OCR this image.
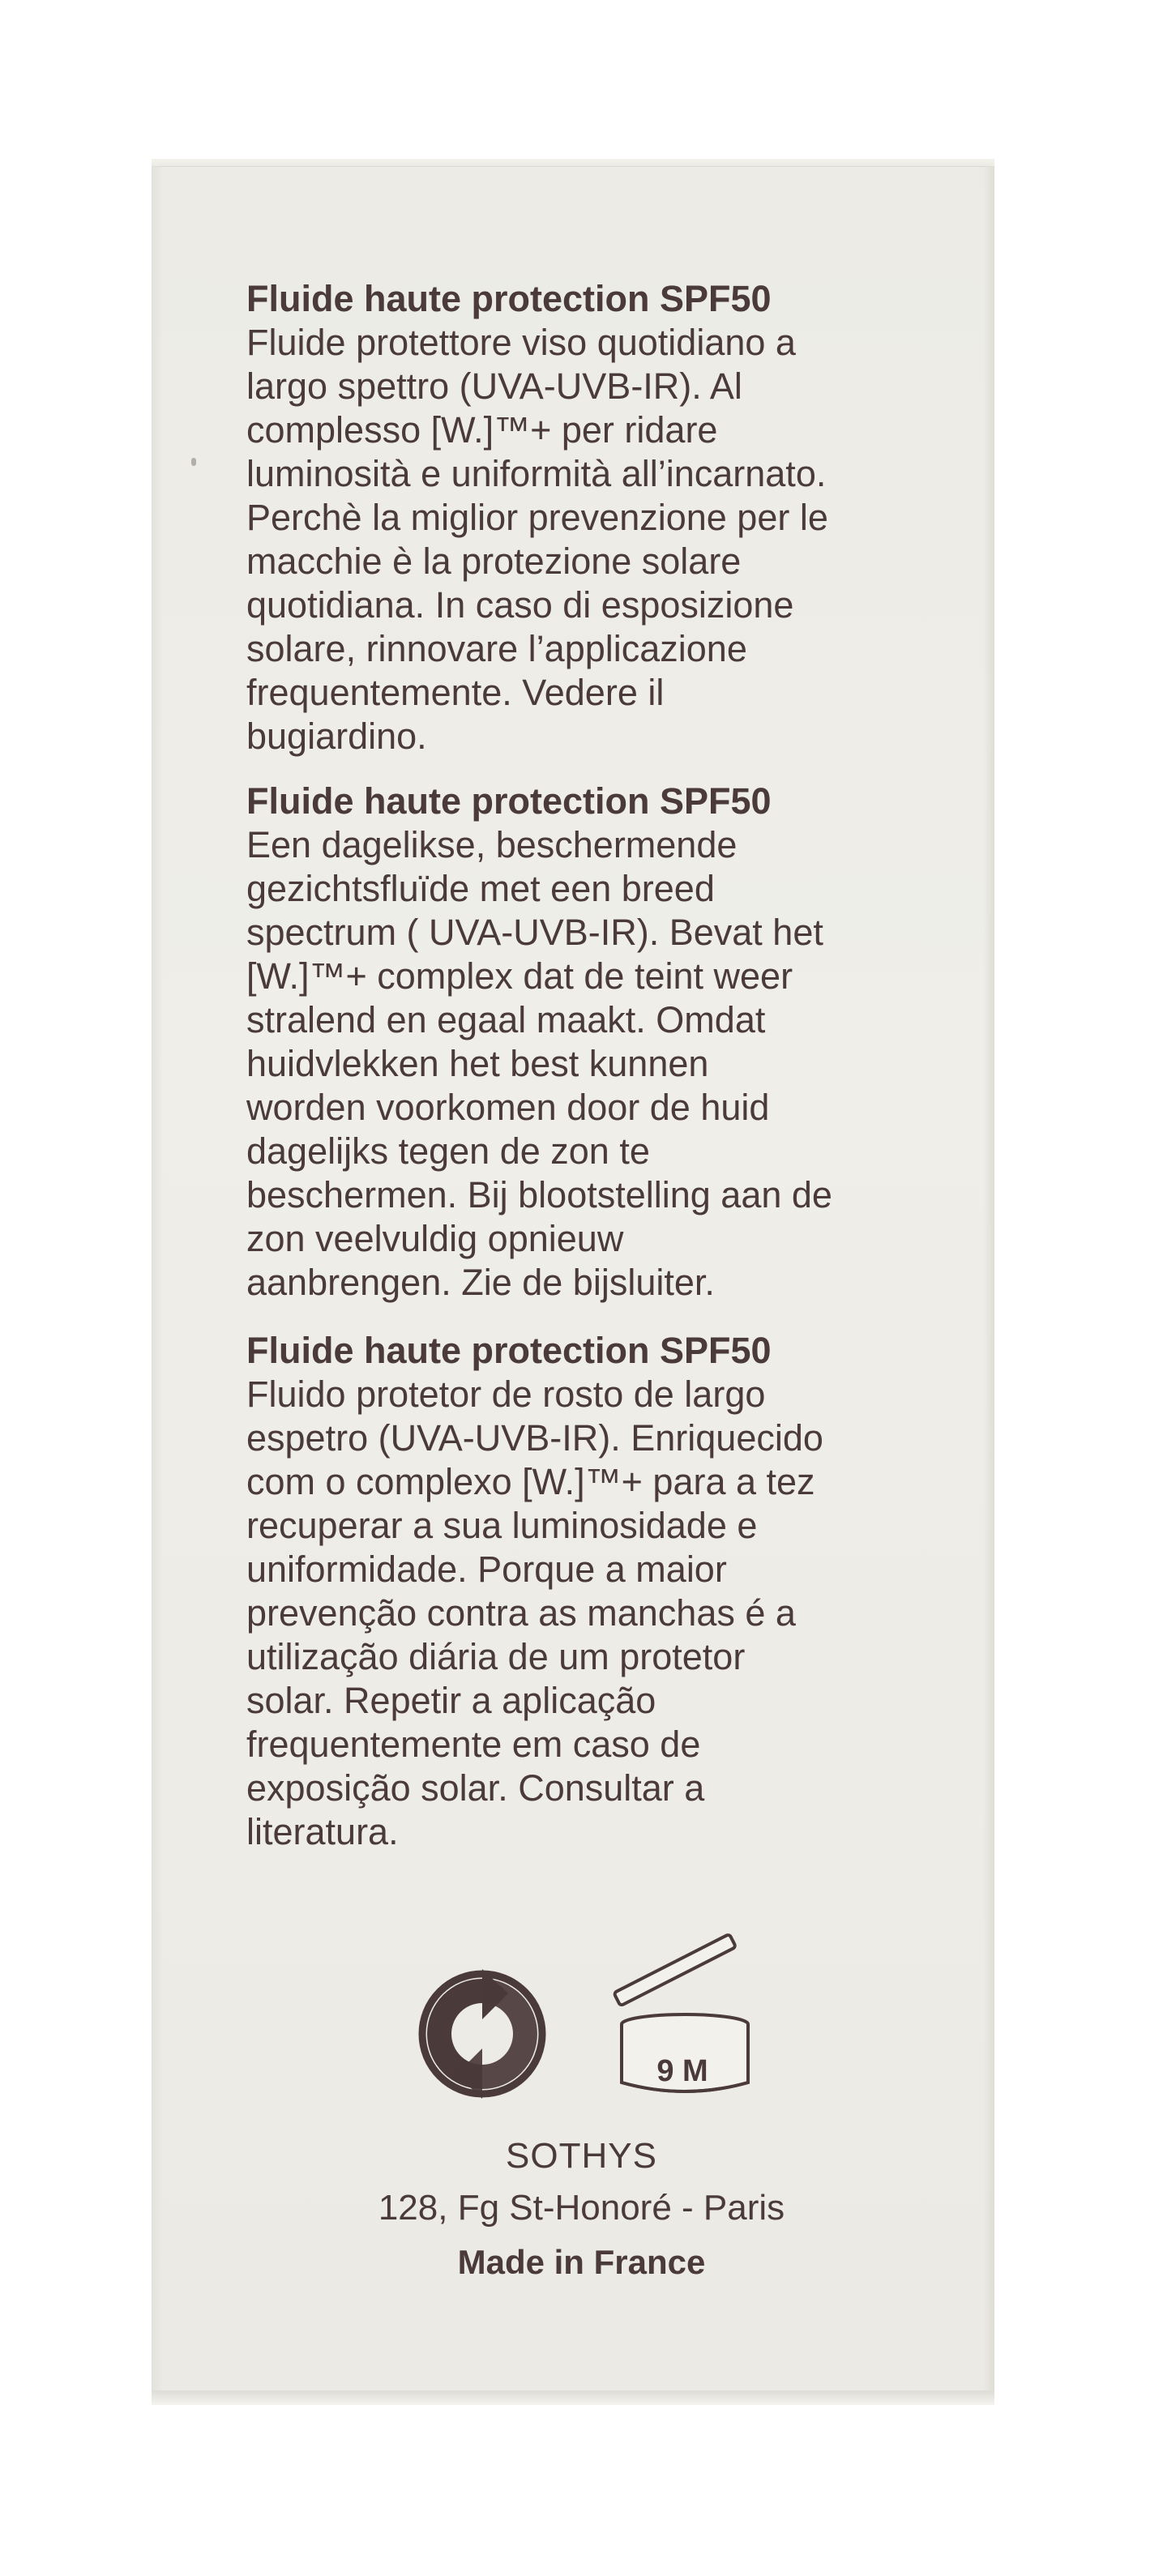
Fluide haute protection SPF50
Fluide protettore viso quotidiano a
largo spettro (UVA-UVB-IR). Al
complesso [W.]™+ per ridare
luminosità e uniformità all’incarnato.
Perchè la miglior prevenzione per le
macchie è la protezione solare
quotidiana. In caso di esposizione
solare, rinnovare l’applicazione
frequentemente. Vedere il
bugiardino.
Fluide haute protection SPF50
Een dagelikse, beschermende
gezichtsfluïde met een breed
spectrum ( UVA-UVB-IR). Bevat het
[W.]™+ complex dat de teint weer
stralend en egaal maakt. Omdat
huidvlekken het best kunnen
worden voorkomen door de huid
dagelijks tegen de zon te
beschermen. Bij blootstelling aan de
zon veelvuldig opnieuw
aanbrengen. Zie de bijsluiter.
Fluide haute protection SPF50
Fluido protetor de rosto de largo
espetro (UVA-UVB-IR). Enriquecido
com o complexo [W.]™+ para a tez
recuperar a sua luminosidade e
uniformidade. Porque a maior
prevenção contra as manchas é a
utilização diária de um protetor
solar. Repetir a aplicação
frequentemente em caso de
exposição solar. Consultar a
literatura.
9 M
SOTHYS
128, Fg St-Honoré - Paris
Made in France
